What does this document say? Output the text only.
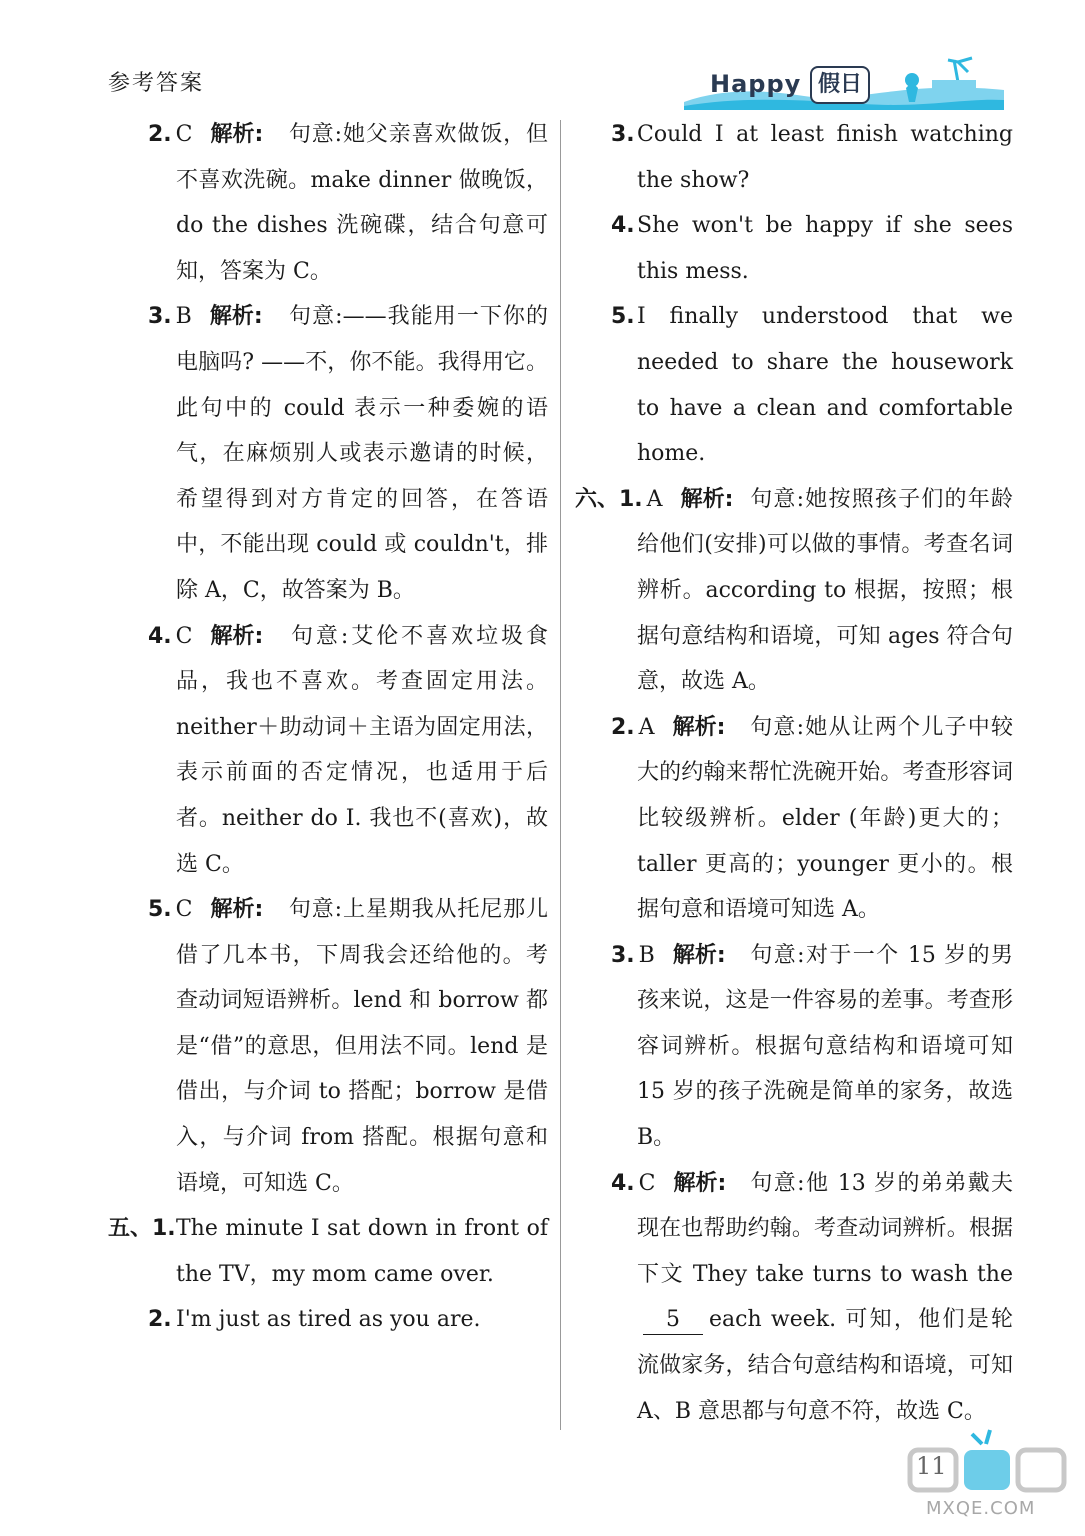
参考答案	Happy 假日
2. C 解析: 句意:她父亲喜欢做饭，但不喜欢洗碗。make dinner 做晚饭，do the dishes 洗碗碟，结合句意可知，答案为 C。
3. B 解析: 句意:——我能用一下你的电脑吗? ——不，你不能。我得用它。此句中的 could 表示一种委婉的语气，在麻烦别人或表示邀请的时候，希望得到对方肯定的回答，在答语中，不能出现 could 或 couldn't，排除 A，C，故答案为 B。
4. C 解析: 句意:艾伦不喜欢垃圾食品，我也不喜欢。考查固定用法。neither＋助动词＋主语为固定用法，表示前面的否定情况，也适用于后者。neither do I. 我也不(喜欢)，故选 C。
5. C 解析: 句意:上星期我从托尼那儿借了几本书，下周我会还给他的。考查动词短语辨析。lend 和 borrow 都是“借”的意思，但用法不同。lend 是借出，与介词 to 搭配；borrow 是借入，与介词 from 搭配。根据句意和语境，可知选 C。
五、1. The minute I sat down in front of the TV，my mom came over.
2. I'm just as tired as you are.
3. Could I at least finish watching the show?
4. She won't be happy if she sees this mess.
5. I finally understood that we needed to share the housework to have a clean and comfortable home.
六、1. A 解析: 句意:她按照孩子们的年龄给他们(安排)可以做的事情。考查名词辨析。according to 根据，按照；根据句意结构和语境，可知 ages 符合句意，故选 A。
2. A 解析: 句意:她从让两个儿子中较大的约翰来帮忙洗碗开始。考查形容词比较级辨析。elder (年龄)更大的；taller 更高的；younger 更小的。根据句意和语境可知选 A。
3. B 解析: 句意:对于一个 15 岁的男孩来说，这是一件容易的差事。考查形容词辨析。根据句意结构和语境可知 15 岁的孩子洗碗是简单的家务，故选 B。
4. C 解析: 句意:他 13 岁的弟弟戴夫现在也帮助约翰。考查动词辨析。根据下文 They take turns to wash the5 each week. 可知，他们是轮流做家务，结合句意结构和语境，可知 A、B 意思都与句意不符，故选 C。
MXQE.COM
11
